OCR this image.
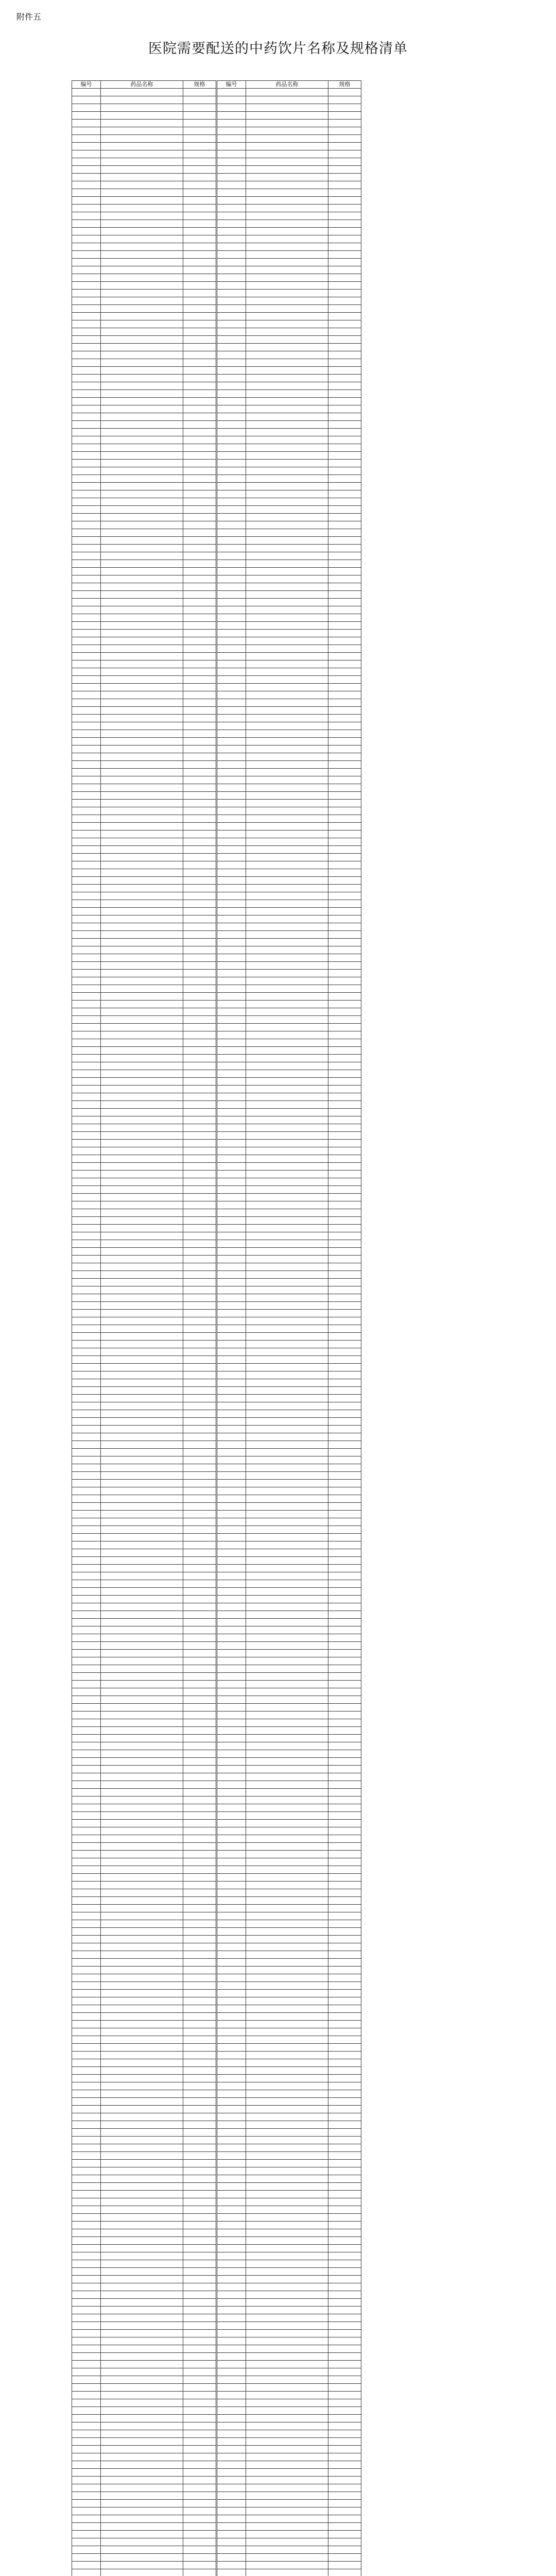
附件五
医院需要配送的中药饮片名称及规格清单
编号	药品名称	规格		编号	药品名称	规格
